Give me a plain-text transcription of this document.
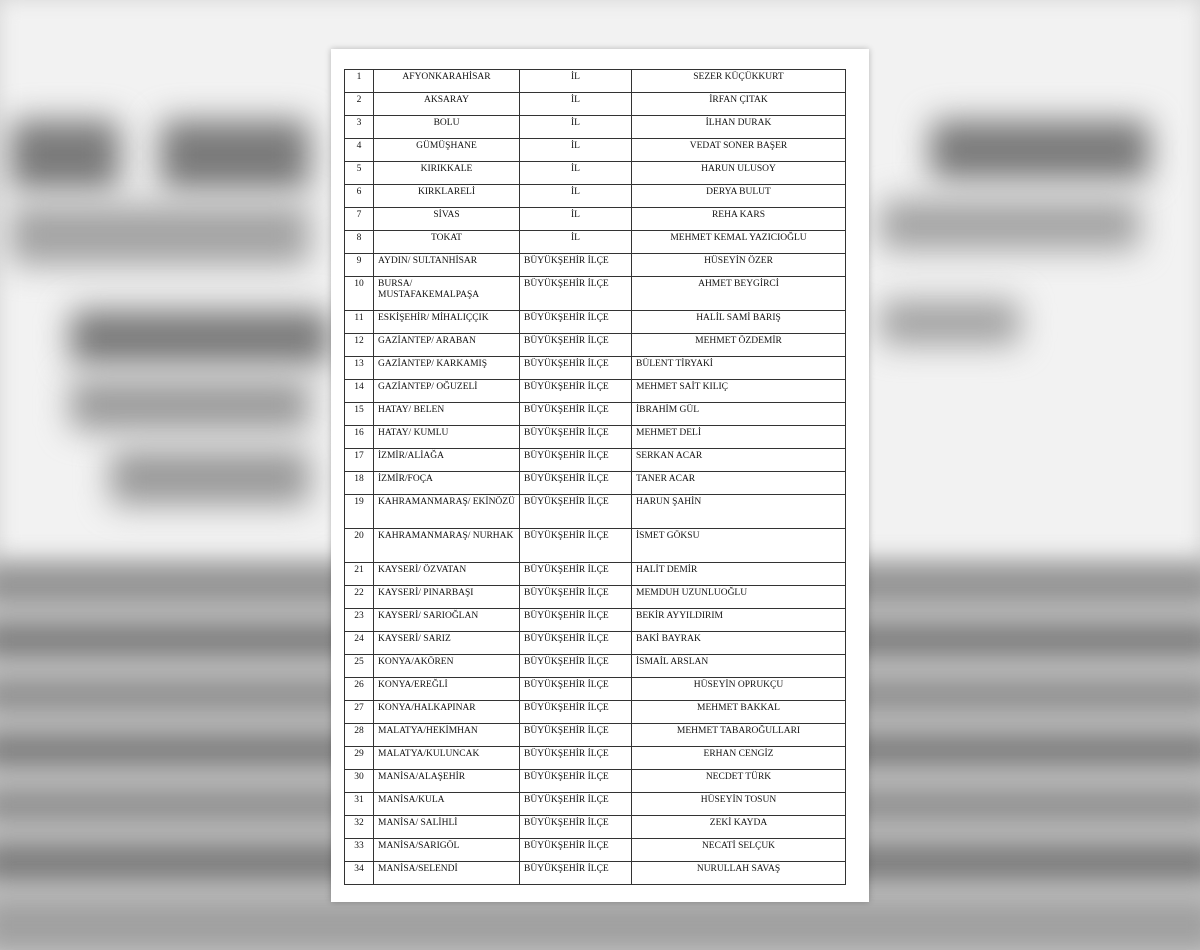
1	AFYONKARAHİSAR	İL	SEZER KÜÇÜKKURT
2	AKSARAY	İL	İRFAN ÇITAK
3	BOLU	İL	İLHAN DURAK
4	GÜMÜŞHANE	İL	VEDAT SONER BAŞER
5	KIRIKKALE	İL	HARUN ULUSOY
6	KIRKLARELİ	İL	DERYA BULUT
7	SİVAS	İL	REHA KARS
8	TOKAT	İL	MEHMET KEMAL YAZICIOĞLU
9	AYDIN/ SULTANHİSAR	BÜYÜKŞEHİR İLÇE	HÜSEYİN ÖZER
10	BURSA/ MUSTAFAKEMALPAŞA	BÜYÜKŞEHİR İLÇE	AHMET BEYGİRCİ
11	ESKİŞEHİR/ MİHALIÇÇIK	BÜYÜKŞEHİR İLÇE	HALİL SAMİ BARIŞ
12	GAZİANTEP/ ARABAN	BÜYÜKŞEHİR İLÇE	MEHMET ÖZDEMİR
13	GAZİANTEP/ KARKAMIŞ	BÜYÜKŞEHİR İLÇE	BÜLENT TİRYAKİ
14	GAZİANTEP/ OĞUZELİ	BÜYÜKŞEHİR İLÇE	MEHMET SAİT KILIÇ
15	HATAY/ BELEN	BÜYÜKŞEHİR İLÇE	İBRAHİM GÜL
16	HATAY/ KUMLU	BÜYÜKŞEHİR İLÇE	MEHMET DELİ
17	İZMİR/ALİAĞA	BÜYÜKŞEHİR İLÇE	SERKAN ACAR
18	İZMİR/FOÇA	BÜYÜKŞEHİR İLÇE	TANER ACAR
19	KAHRAMANMARAŞ/ EKİNÖZÜ	BÜYÜKŞEHİR İLÇE	HARUN ŞAHİN
20	KAHRAMANMARAŞ/ NURHAK	BÜYÜKŞEHİR İLÇE	İSMET GÖKSU
21	KAYSERİ/ ÖZVATAN	BÜYÜKŞEHİR İLÇE	HALİT DEMİR
22	KAYSERİ/ PINARBAŞI	BÜYÜKŞEHİR İLÇE	MEMDUH UZUNLUOĞLU
23	KAYSERİ/ SARIOĞLAN	BÜYÜKŞEHİR İLÇE	BEKİR AYYILDIRIM
24	KAYSERİ/ SARIZ	BÜYÜKŞEHİR İLÇE	BAKİ BAYRAK
25	KONYA/AKÖREN	BÜYÜKŞEHİR İLÇE	İSMAİL ARSLAN
26	KONYA/EREĞLİ	BÜYÜKŞEHİR İLÇE	HÜSEYİN OPRUKÇU
27	KONYA/HALKAPINAR	BÜYÜKŞEHİR İLÇE	MEHMET BAKKAL
28	MALATYA/HEKİMHAN	BÜYÜKŞEHİR İLÇE	MEHMET TABAROĞULLARI
29	MALATYA/KULUNCAK	BÜYÜKŞEHİR İLÇE	ERHAN CENGİZ
30	MANİSA/ALAŞEHİR	BÜYÜKŞEHİR İLÇE	NECDET TÜRK
31	MANİSA/KULA	BÜYÜKŞEHİR İLÇE	HÜSEYİN TOSUN
32	MANİSA/ SALİHLİ	BÜYÜKŞEHİR İLÇE	ZEKİ KAYDA
33	MANİSA/SARIGÖL	BÜYÜKŞEHİR İLÇE	NECATİ SELÇUK
34	MANİSA/SELENDİ	BÜYÜKŞEHİR İLÇE	NURULLAH SAVAŞ
